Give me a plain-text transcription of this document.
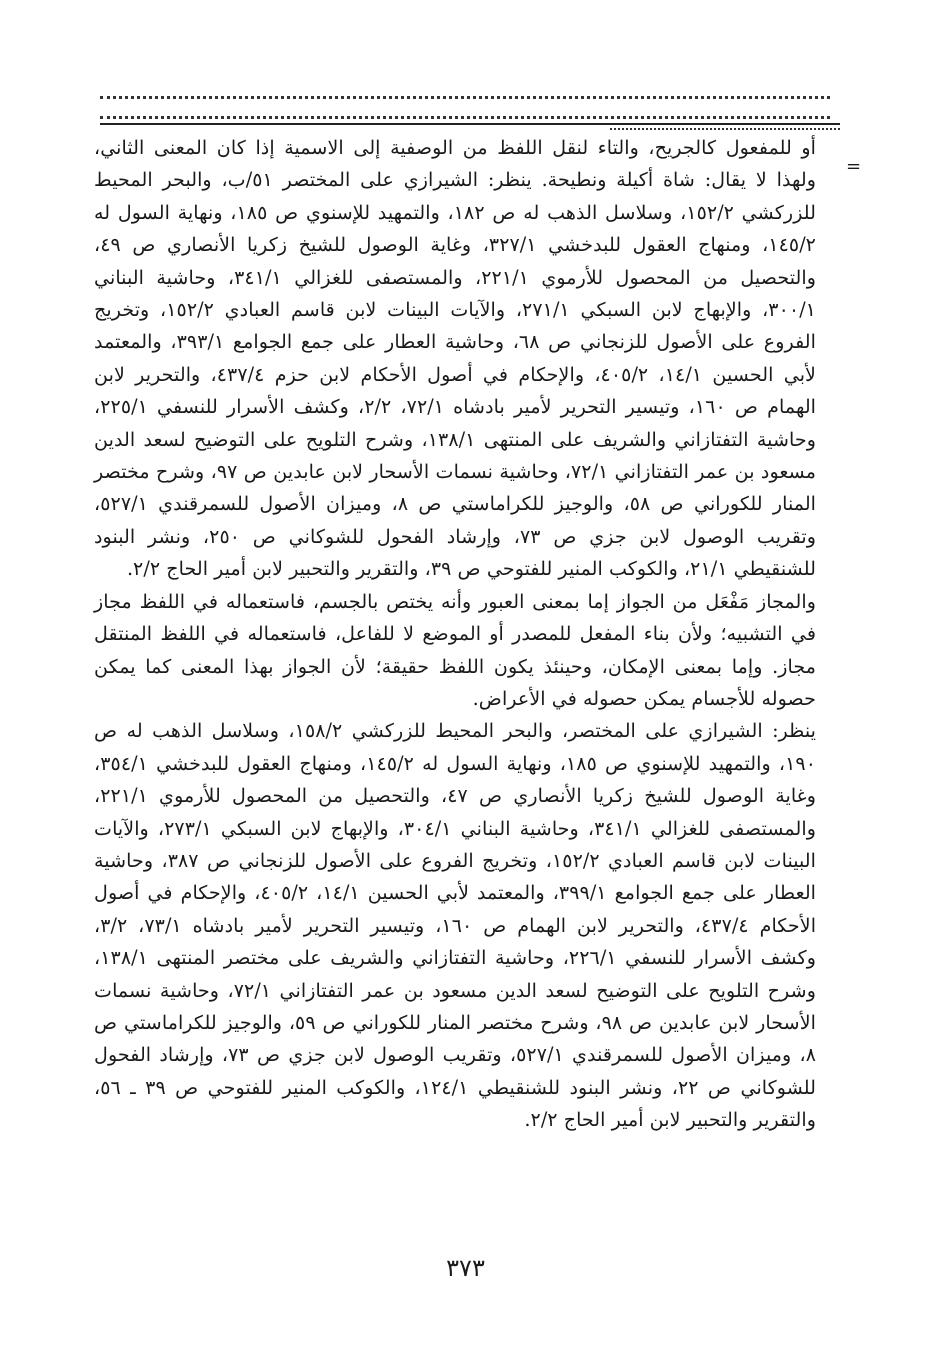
=

أو للمفعول كالجريح، والتاء لنقل اللفظ من الوصفية إلى الاسمية إذا كان المعنى الثاني، ولهذا لا يقال: شاة أكيلة ونطيحة. ينظر: الشيرازي على المختصر ٥١/ب، والبحر المحيط للزركشي ١٥٢/٢، وسلاسل الذهب له ص ١٨٢، والتمهيد للإسنوي ص ١٨٥، ونهاية السول له ١٤٥/٢، ومنهاج العقول للبدخشي ٣٢٧/١، وغاية الوصول للشيخ زكريا الأنصاري ص ٤٩، والتحصيل من المحصول للأرموي ٢٢١/١، والمستصفى للغزالي ٣٤١/١، وحاشية البناني ٣٠٠/١، والإبهاج لابن السبكي ٢٧١/١، والآيات البينات لابن قاسم العبادي ١٥٢/٢، وتخريج الفروع على الأصول للزنجاني ص ٦٨، وحاشية العطار على جمع الجوامع ٣٩٣/١، والمعتمد لأبي الحسين ١٤/١، ٤٠٥/٢، والإحكام في أصول الأحكام لابن حزم ٤٣٧/٤، والتحرير لابن الهمام ص ١٦٠، وتيسير التحرير لأمير بادشاه ٧٢/١، ٢/٢، وكشف الأسرار للنسفي ٢٢٥/١، وحاشية التفتازاني والشريف على المنتهى ١٣٨/١، وشرح التلويح على التوضيح لسعد الدين مسعود بن عمر التفتازاني ٧٢/١، وحاشية نسمات الأسحار لابن عابدين ص ٩٧، وشرح مختصر المنار للكوراني ص ٥٨، والوجيز للكراماستي ص ٨، وميزان الأصول للسمرقندي ٥٢٧/١، وتقريب الوصول لابن جزي ص ٧٣، وإرشاد الفحول للشوكاني ص ٢٥٠، ونشر البنود للشنقيطي ٢١/١، والكوكب المنير للفتوحي ص ٣٩، والتقرير والتحبير لابن أمير الحاج ٢/٢.

والمجاز مَفْعَل من الجواز إما بمعنى العبور وأنه يختص بالجسم، فاستعماله في اللفظ مجاز في التشبيه؛ ولأن بناء المفعل للمصدر أو الموضع لا للفاعل، فاستعماله في اللفظ المنتقل مجاز. وإما بمعنى الإمكان، وحينئذ يكون اللفظ حقيقة؛ لأن الجواز بهذا المعنى كما يمكن حصوله للأجسام يمكن حصوله في الأعراض.

ينظر: الشيرازي على المختصر، والبحر المحيط للزركشي ١٥٨/٢، وسلاسل الذهب له ص ١٩٠، والتمهيد للإسنوي ص ١٨٥، ونهاية السول له ١٤٥/٢، ومنهاج العقول للبدخشي ٣٥٤/١، وغاية الوصول للشيخ زكريا الأنصاري ص ٤٧، والتحصيل من المحصول للأرموي ٢٢١/١، والمستصفى للغزالي ٣٤١/١، وحاشية البناني ٣٠٤/١، والإبهاج لابن السبكي ٢٧٣/١، والآيات البينات لابن قاسم العبادي ١٥٢/٢، وتخريج الفروع على الأصول للزنجاني ص ٣٨٧، وحاشية العطار على جمع الجوامع ٣٩٩/١، والمعتمد لأبي الحسين ١٤/١، ٤٠٥/٢، والإحكام في أصول الأحكام ٤٣٧/٤، والتحرير لابن الهمام ص ١٦٠، وتيسير التحرير لأمير بادشاه ٧٣/١، ٣/٢، وكشف الأسرار للنسفي ٢٢٦/١، وحاشية التفتازاني والشريف على مختصر المنتهى ١٣٨/١، وشرح التلويح على التوضيح لسعد الدين مسعود بن عمر التفتازاني ٧٢/١، وحاشية نسمات الأسحار لابن عابدين ص ٩٨، وشرح مختصر المنار للكوراني ص ٥٩، والوجيز للكراماستي ص ٨، وميزان الأصول للسمرقندي ٥٢٧/١، وتقريب الوصول لابن جزي ص ٧٣، وإرشاد الفحول للشوكاني ص ٢٢، ونشر البنود للشنقيطي ١٢٤/١، والكوكب المنير للفتوحي ص ٣٩ ـ ٥٦، والتقرير والتحبير لابن أمير الحاج ٢/٢.

٣٧٣
